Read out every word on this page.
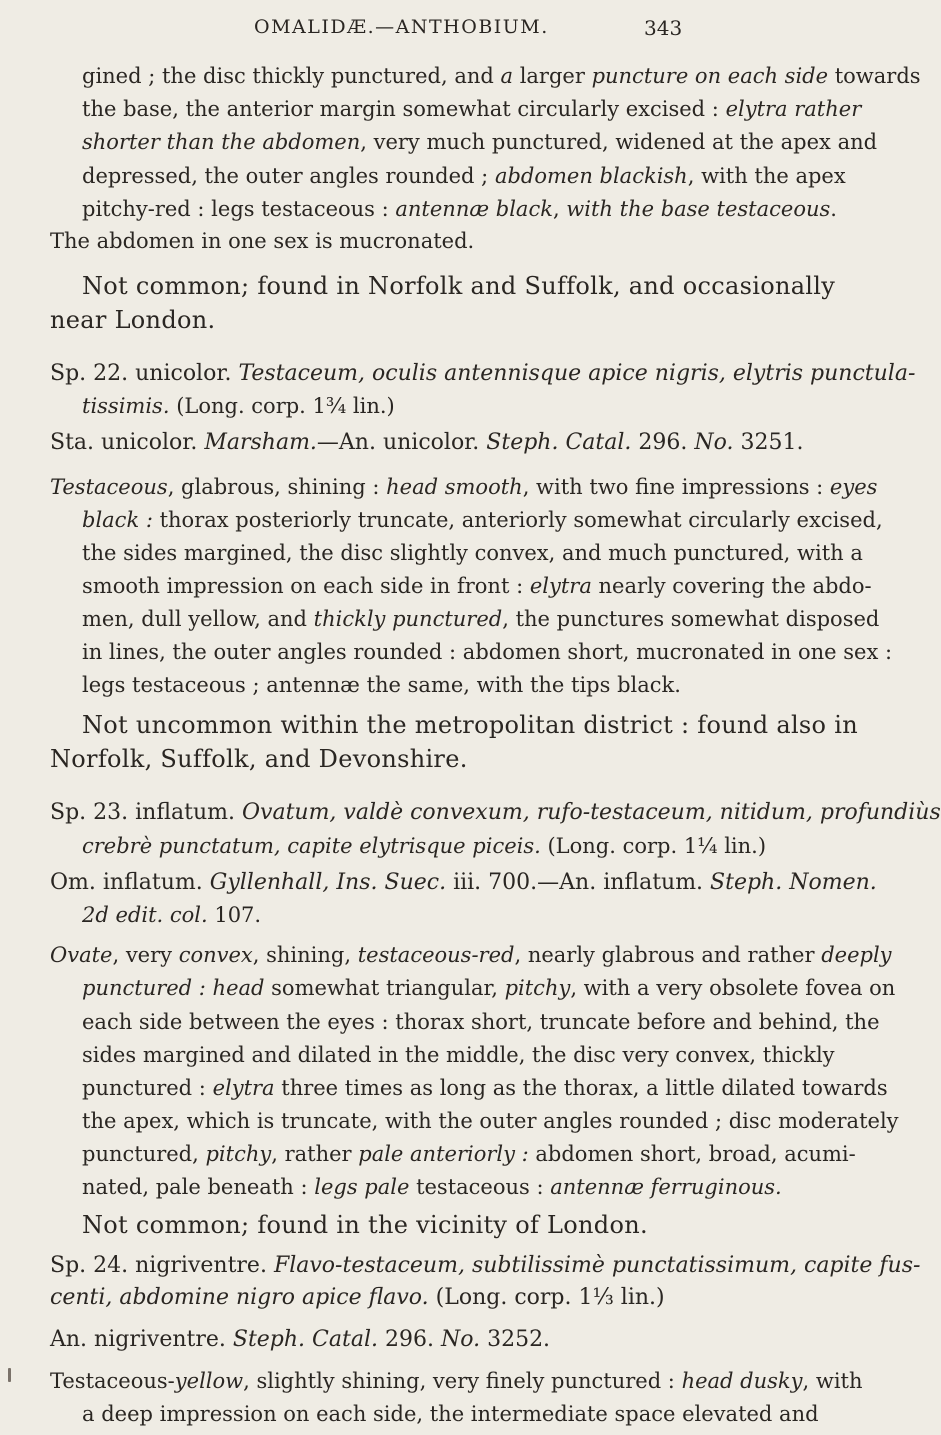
OMALIDÆ.—ANTHOBIUM.	343
gined ; the disc thickly punctured, and a larger puncture on each side towards
the base, the anterior margin somewhat circularly excised : elytra rather
shorter than the abdomen, very much punctured, widened at the apex and
depressed, the outer angles rounded ; abdomen blackish, with the apex
pitchy-red : legs testaceous : antennæ black, with the base testaceous.
The abdomen in one sex is mucronated.
Not common; found in Norfolk and Suffolk, and occasionally
near London.
Sp. 22. unicolor. Testaceum, oculis antennisque apice nigris, elytris punctula-
tissimis. (Long. corp. 1¾ lin.)
Sta. unicolor. Marsham.—An. unicolor. Steph. Catal. 296. No. 3251.
Testaceous, glabrous, shining : head smooth, with two fine impressions : eyes
black : thorax posteriorly truncate, anteriorly somewhat circularly excised,
the sides margined, the disc slightly convex, and much punctured, with a
smooth impression on each side in front : elytra nearly covering the abdo-
men, dull yellow, and thickly punctured, the punctures somewhat disposed
in lines, the outer angles rounded : abdomen short, mucronated in one sex :
legs testaceous ; antennæ the same, with the tips black.
Not uncommon within the metropolitan district : found also in
Norfolk, Suffolk, and Devonshire.
Sp. 23. inflatum. Ovatum, valdè convexum, rufo-testaceum, nitidum, profundiùs
crebrè punctatum, capite elytrisque piceis. (Long. corp. 1¼ lin.)
Om. inflatum. Gyllenhall, Ins. Suec. iii. 700.—An. inflatum. Steph. Nomen.
2d edit. col. 107.
Ovate, very convex, shining, testaceous-red, nearly glabrous and rather deeply
punctured : head somewhat triangular, pitchy, with a very obsolete fovea on
each side between the eyes : thorax short, truncate before and behind, the
sides margined and dilated in the middle, the disc very convex, thickly
punctured : elytra three times as long as the thorax, a little dilated towards
the apex, which is truncate, with the outer angles rounded ; disc moderately
punctured, pitchy, rather pale anteriorly : abdomen short, broad, acumi-
nated, pale beneath : legs pale testaceous : antennæ ferruginous.
Not common; found in the vicinity of London.
Sp. 24. nigriventre. Flavo-testaceum, subtilissimè punctatissimum, capite fus-
centi, abdomine nigro apice flavo. (Long. corp. 1⅓ lin.)
An. nigriventre. Steph. Catal. 296. No. 3252.
Testaceous-yellow, slightly shining, very finely punctured : head dusky, with
a deep impression on each side, the intermediate space elevated and
